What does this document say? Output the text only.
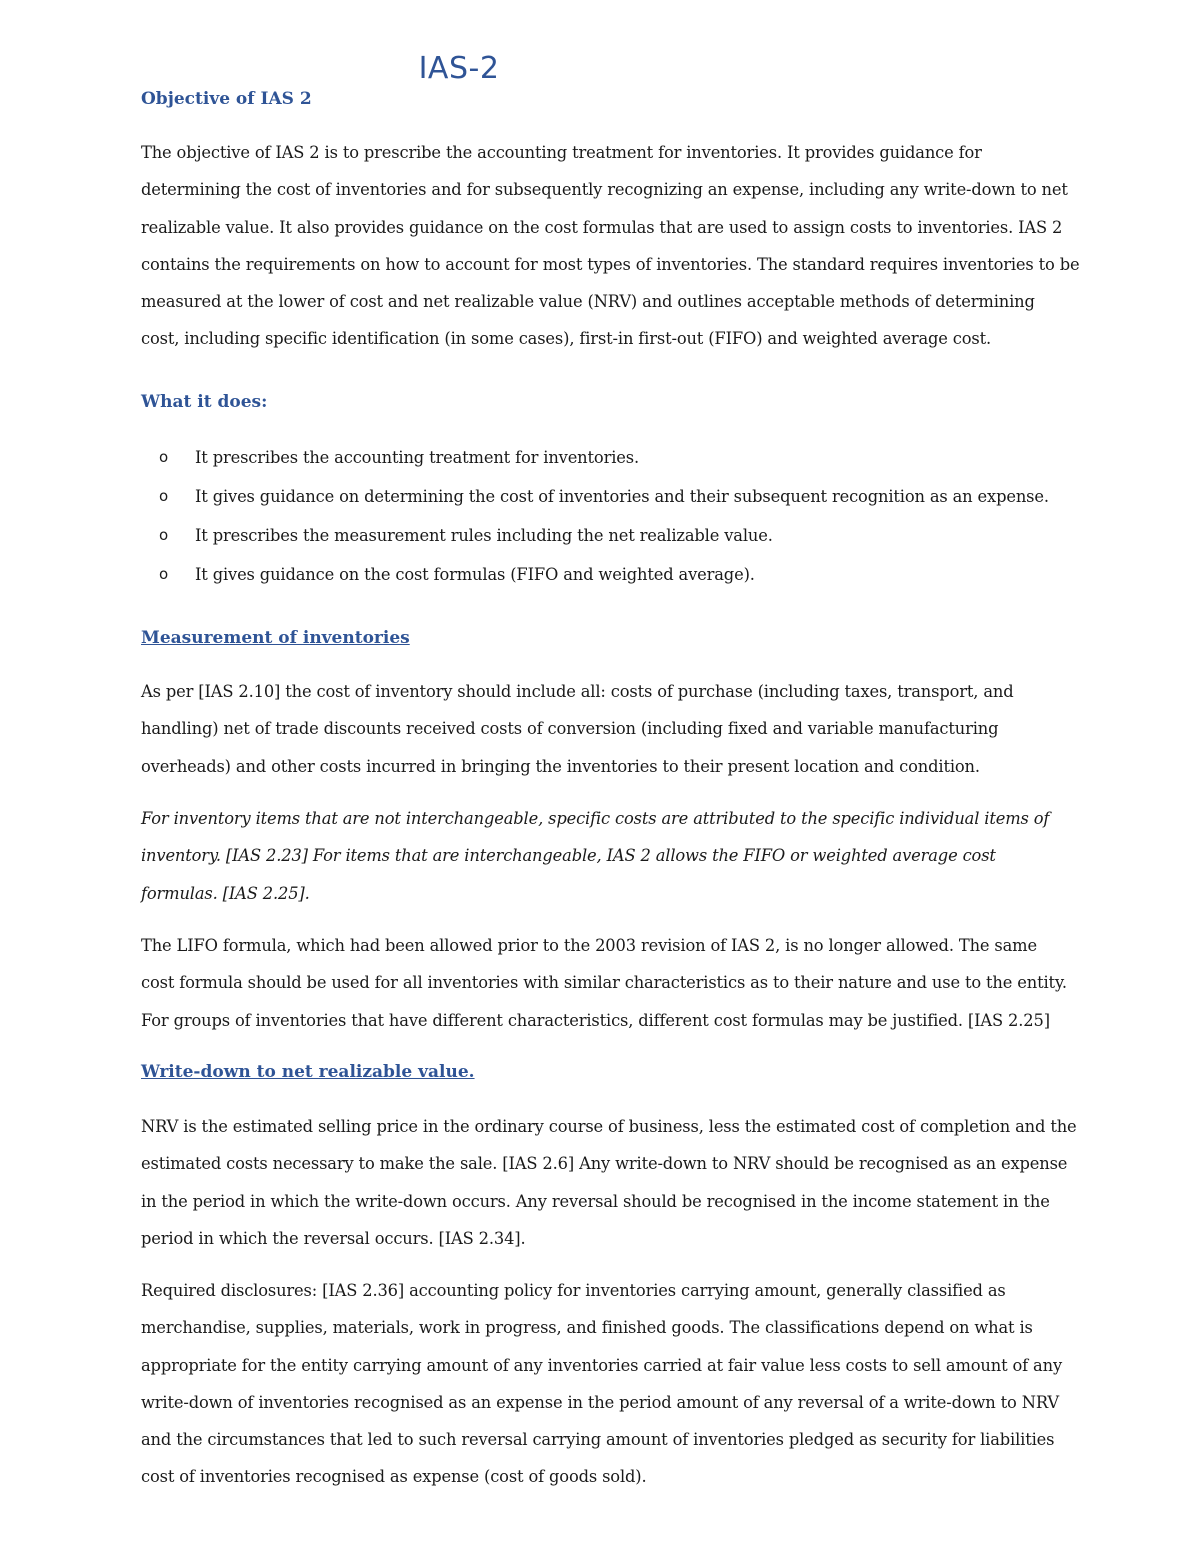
IAS-2
Objective of IAS 2
The objective of IAS 2 is to prescribe the accounting treatment for inventories. It provides guidance for
determining the cost of inventories and for subsequently recognizing an expense, including any write-down to net
realizable value. It also provides guidance on the cost formulas that are used to assign costs to inventories. IAS 2
contains the requirements on how to account for most types of inventories. The standard requires inventories to be
measured at the lower of cost and net realizable value (NRV) and outlines acceptable methods of determining
cost, including specific identification (in some cases), first-in first-out (FIFO) and weighted average cost.
What it does:
o It prescribes the accounting treatment for inventories.
o It gives guidance on determining the cost of inventories and their subsequent recognition as an expense.
o It prescribes the measurement rules including the net realizable value.
o It gives guidance on the cost formulas (FIFO and weighted average).
Measurement of inventories
As per [IAS 2.10] the cost of inventory should include all: costs of purchase (including taxes, transport, and
handling) net of trade discounts received costs of conversion (including fixed and variable manufacturing
overheads) and other costs incurred in bringing the inventories to their present location and condition.
For inventory items that are not interchangeable, specific costs are attributed to the specific individual items of
inventory. [IAS 2.23] For items that are interchangeable, IAS 2 allows the FIFO or weighted average cost
formulas. [IAS 2.25].
The LIFO formula, which had been allowed prior to the 2003 revision of IAS 2, is no longer allowed. The same
cost formula should be used for all inventories with similar characteristics as to their nature and use to the entity.
For groups of inventories that have different characteristics, different cost formulas may be justified. [IAS 2.25]
Write-down to net realizable value.
NRV is the estimated selling price in the ordinary course of business, less the estimated cost of completion and the
estimated costs necessary to make the sale. [IAS 2.6] Any write-down to NRV should be recognised as an expense
in the period in which the write-down occurs. Any reversal should be recognised in the income statement in the
period in which the reversal occurs. [IAS 2.34].
Required disclosures: [IAS 2.36] accounting policy for inventories carrying amount, generally classified as
merchandise, supplies, materials, work in progress, and finished goods. The classifications depend on what is
appropriate for the entity carrying amount of any inventories carried at fair value less costs to sell amount of any
write-down of inventories recognised as an expense in the period amount of any reversal of a write-down to NRV
and the circumstances that led to such reversal carrying amount of inventories pledged as security for liabilities
cost of inventories recognised as expense (cost of goods sold).
